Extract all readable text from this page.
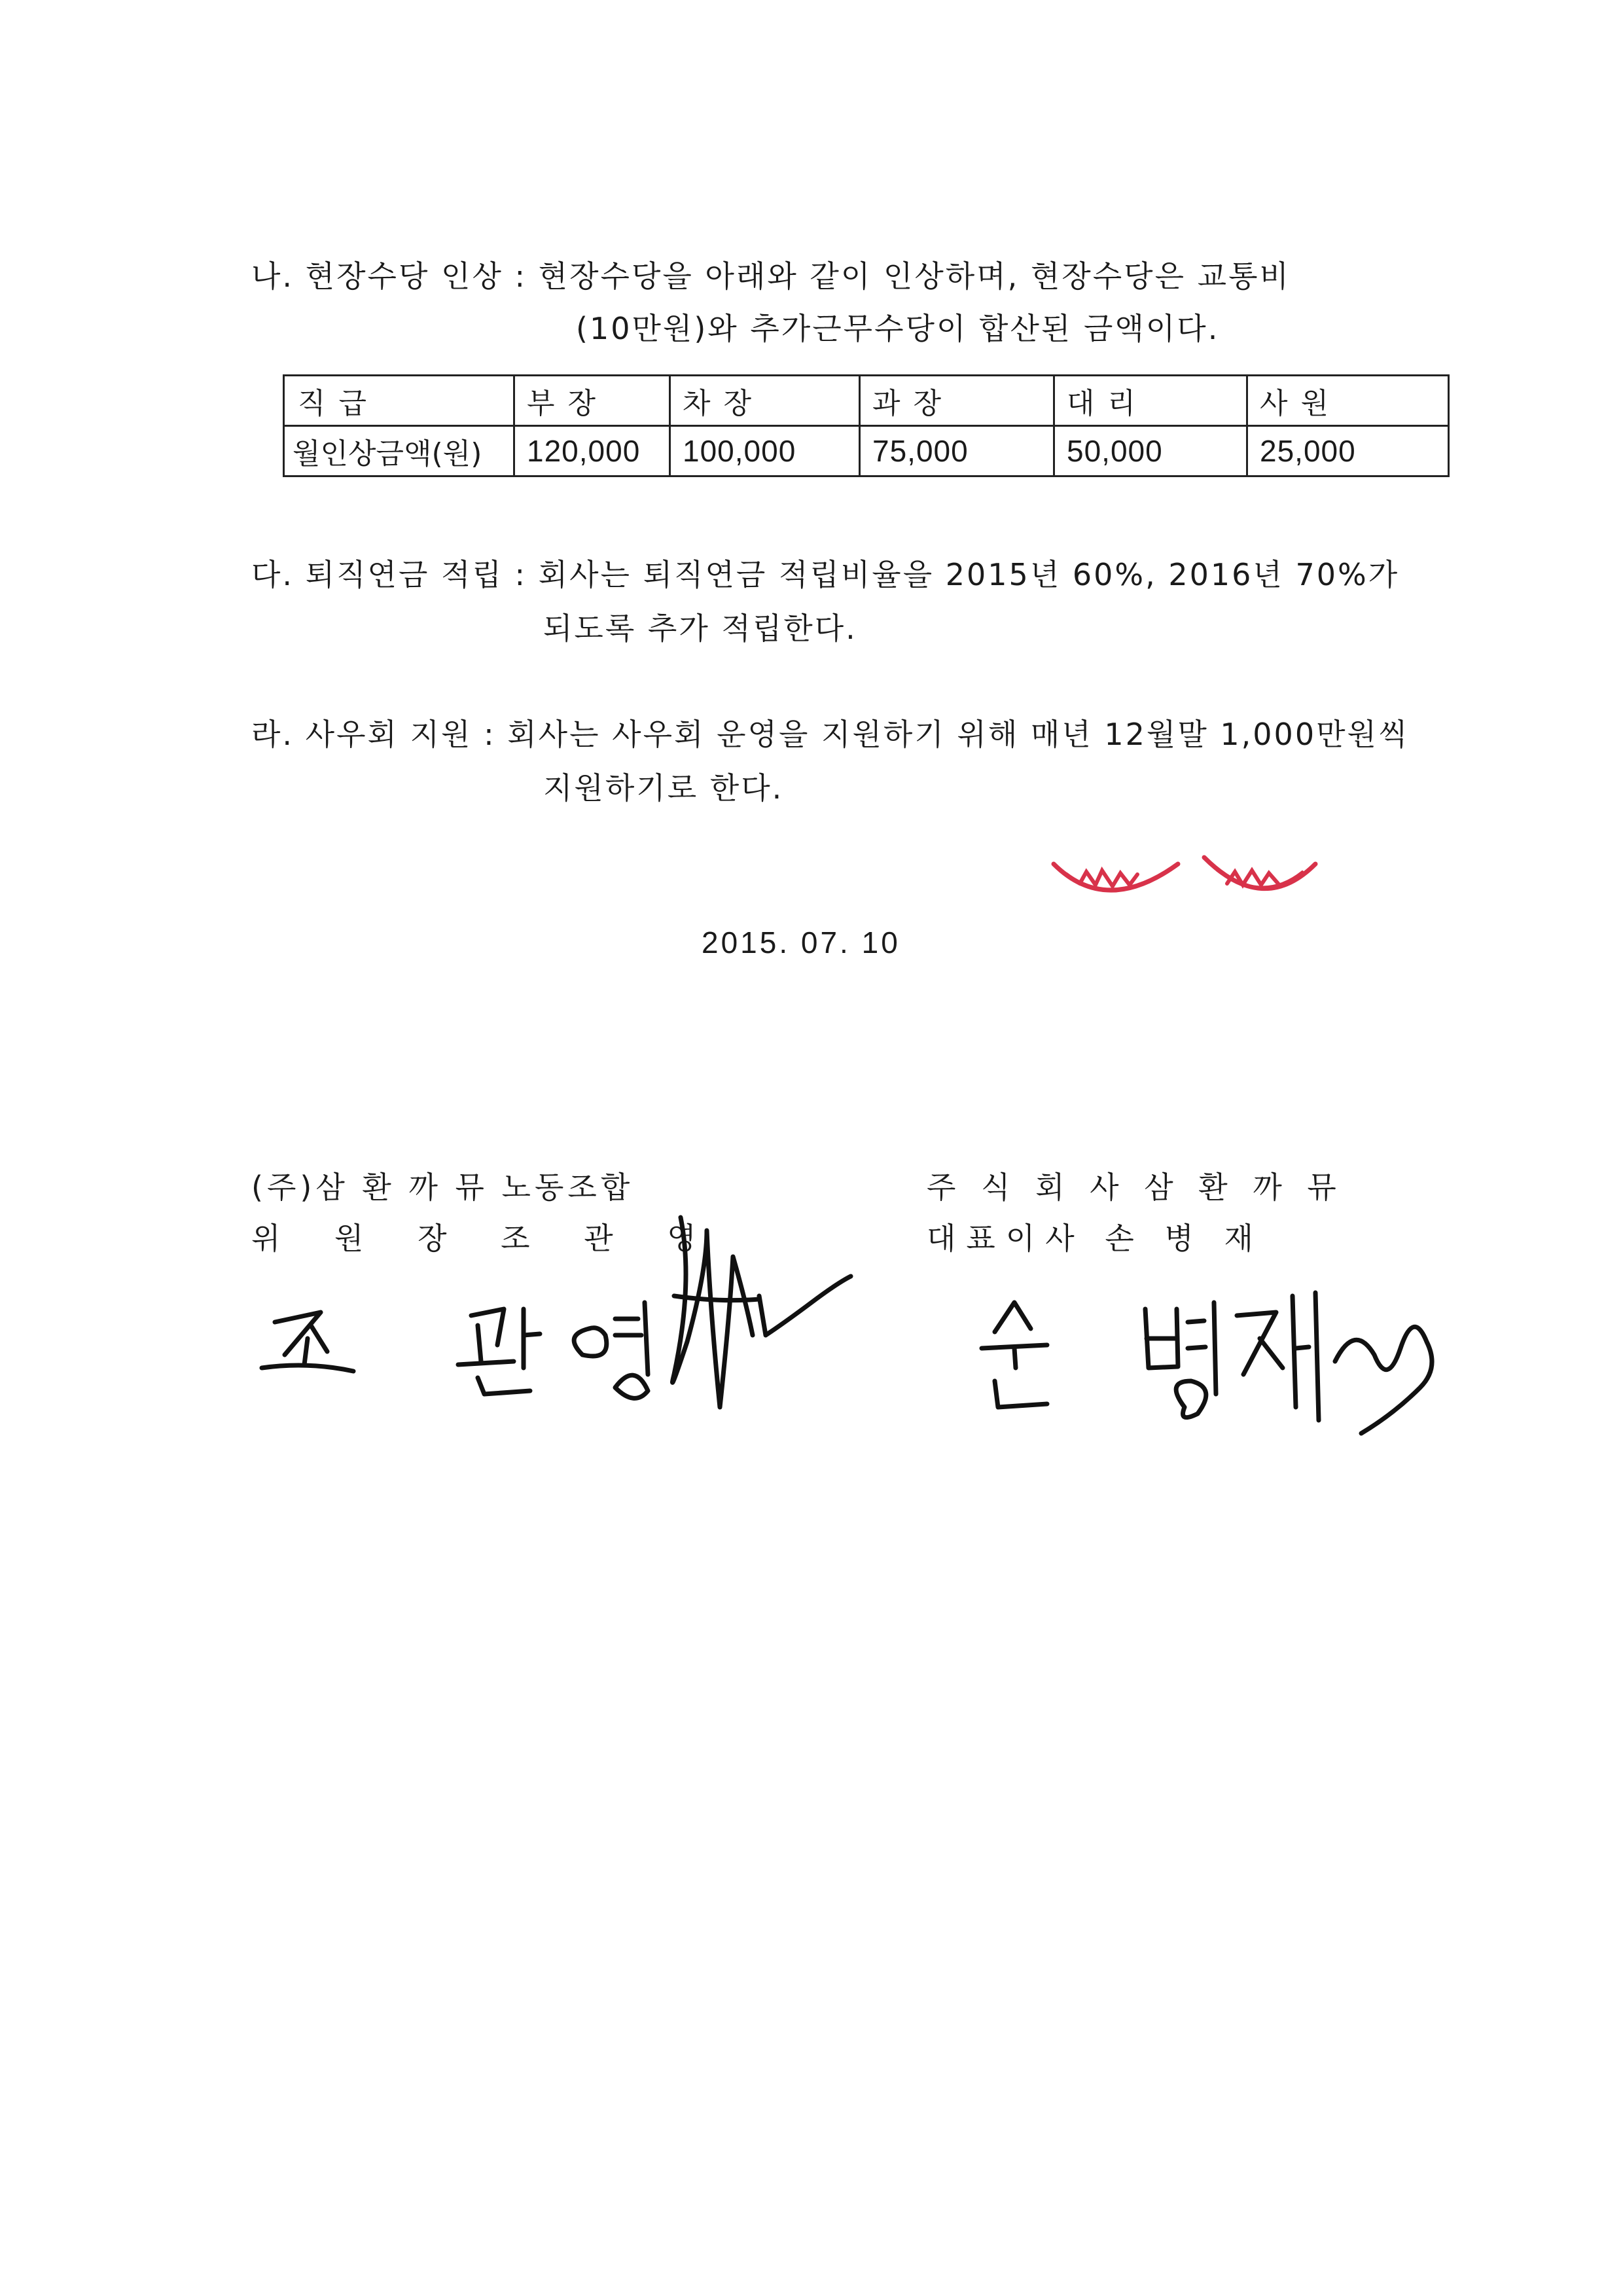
나. 현장수당 인상 : 현장수당을 아래와 같이 인상하며, 현장수당은 교통비
(10만원)와 추가근무수당이 합산된 금액이다.
직 급	부 장	차 장	과 장	대 리	사 원
월인상금액(원)	120,000	100,000	75,000	50,000	25,000
다. 퇴직연금 적립 : 회사는 퇴직연금 적립비율을 2015년 60%, 2016년 70%가
되도록 추가 적립한다.
라. 사우회 지원 : 회사는 사우회 운영을 지원하기 위해 매년 12월말 1,000만원씩
지원하기로 한다.
2015. 07. 10
(주)삼 환 까 뮤 노동조합
위 원 장 조 관 영
주 식 회 사 삼 환 까 뮤
대표이사 손 병 재
